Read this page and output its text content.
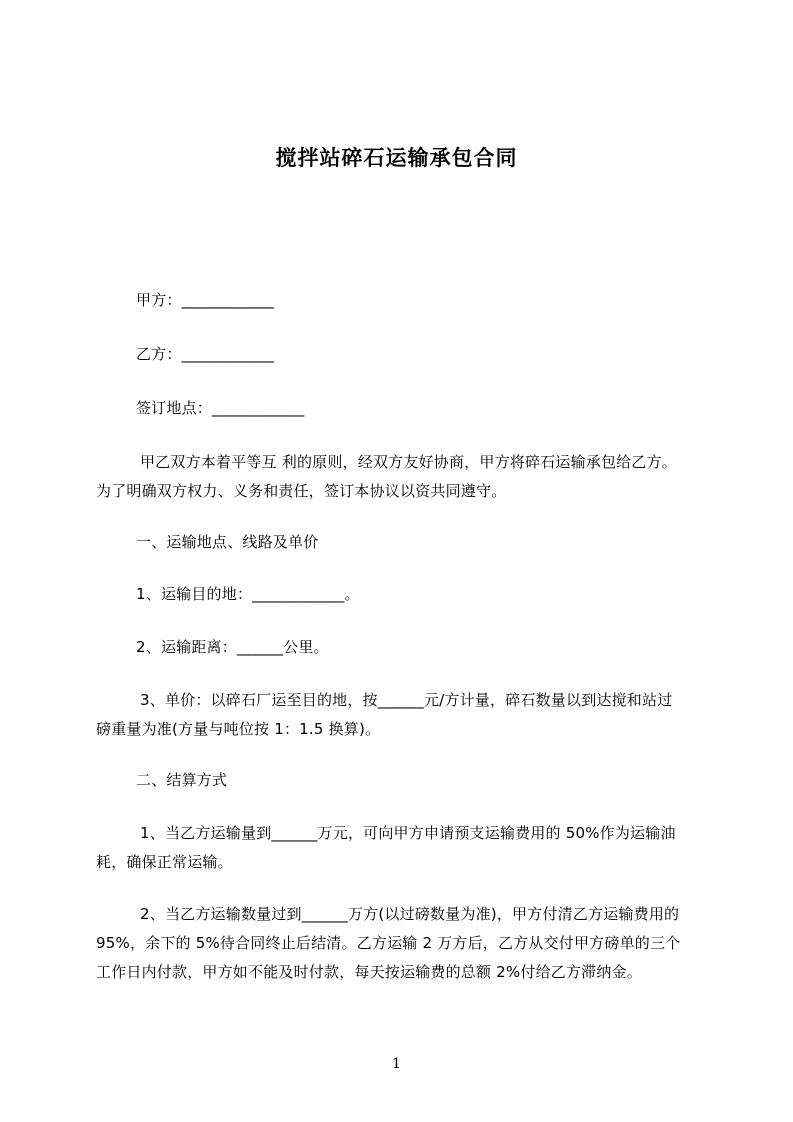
搅拌站碎石运输承包合同
甲方：____________
乙方：____________
签订地点：____________
甲乙双方本着平等互 利的原则，经双方友好协商，甲方将碎石运输承包给乙方。
为了明确双方权力、义务和责任，签订本协议以资共同遵守。
一、运输地点、线路及单价
1、运输目的地：____________。
2、运输距离：______公里。
3、单价：以碎石厂运至目的地，按______元/方计量，碎石数量以到达搅和站过
磅重量为准(方量与吨位按 1：1.5 换算)。
二、结算方式
1、当乙方运输量到______万元，可向甲方申请预支运输费用的 50%作为运输油
耗，确保正常运输。
2、当乙方运输数量过到______万方(以过磅数量为准)，甲方付清乙方运输费用的
95%，余下的 5%待合同终止后结清。乙方运输 2 万方后，乙方从交付甲方磅单的三个
工作日内付款，甲方如不能及时付款，每天按运输费的总额 2%付给乙方滞纳金。
1
